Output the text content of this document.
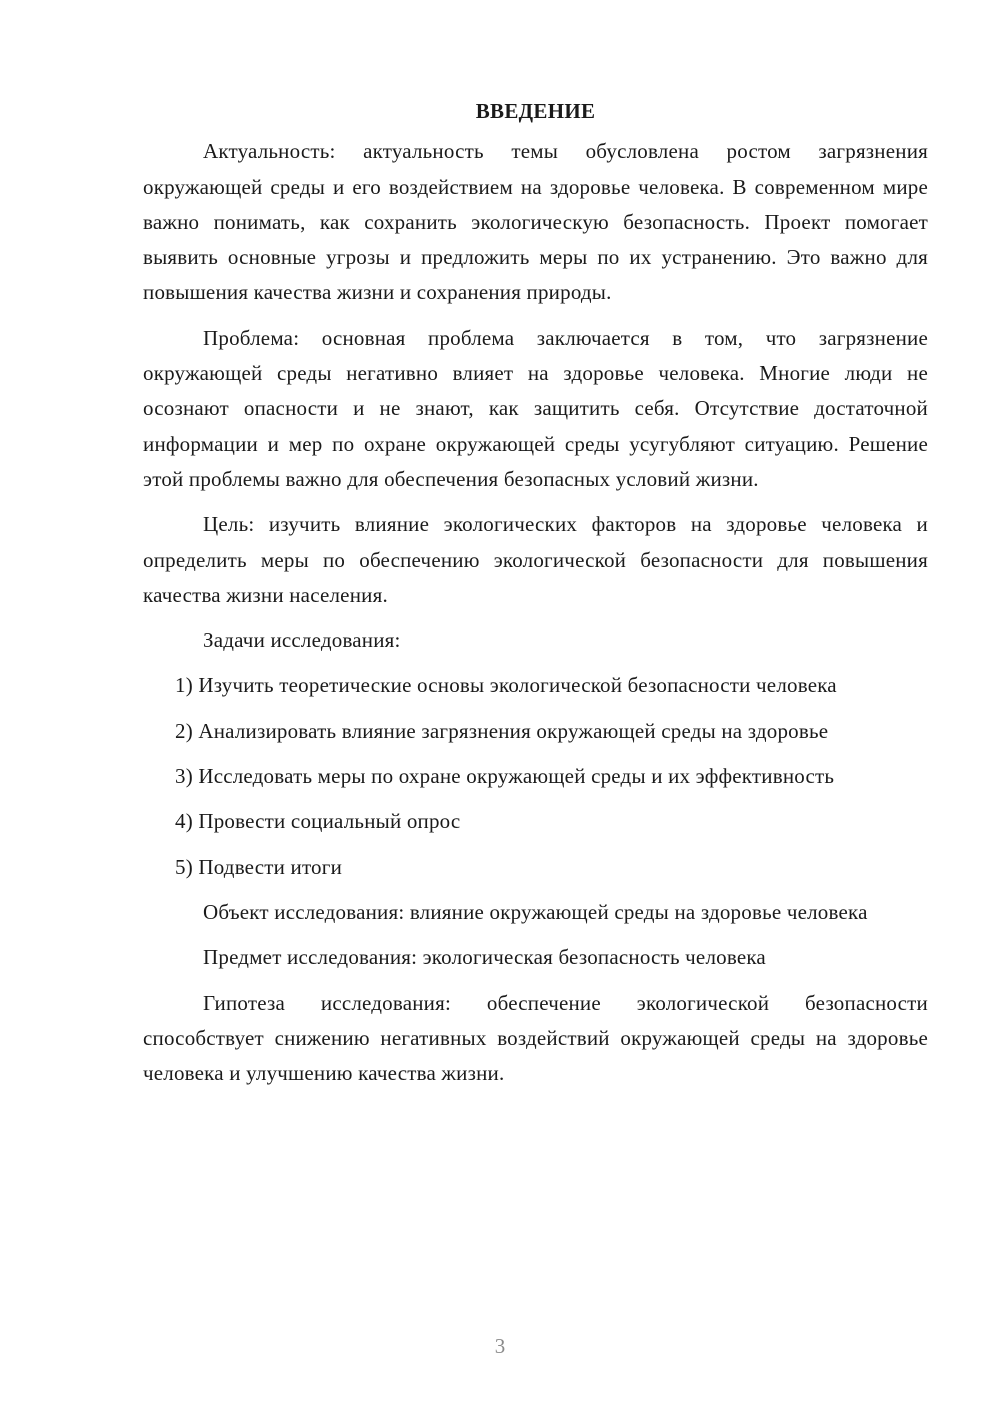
ВВЕДЕНИЕ

Актуальность: актуальность темы обусловлена ростом загрязнения окружающей среды и его воздействием на здоровье человека. В современном мире важно понимать, как сохранить экологическую безопасность. Проект помогает выявить основные угрозы и предложить меры по их устранению. Это важно для повышения качества жизни и сохранения природы.

Проблема: основная проблема заключается в том, что загрязнение окружающей среды негативно влияет на здоровье человека. Многие люди не осознают опасности и не знают, как защитить себя. Отсутствие достаточной информации и мер по охране окружающей среды усугубляют ситуацию. Решение этой проблемы важно для обеспечения безопасных условий жизни.

Цель: изучить влияние экологических факторов на здоровье человека и определить меры по обеспечению экологической безопасности для повышения качества жизни населения.

Задачи исследования:

1) Изучить теоретические основы экологической безопасности человека

2) Анализировать влияние загрязнения окружающей среды на здоровье

3) Исследовать меры по охране окружающей среды и их эффективность

4) Провести социальный опрос

5) Подвести итоги

Объект исследования: влияние окружающей среды на здоровье человека

Предмет исследования: экологическая безопасность человека

Гипотеза исследования: обеспечение экологической безопасности способствует снижению негативных воздействий окружающей среды на здоровье человека и улучшению качества жизни.

3
